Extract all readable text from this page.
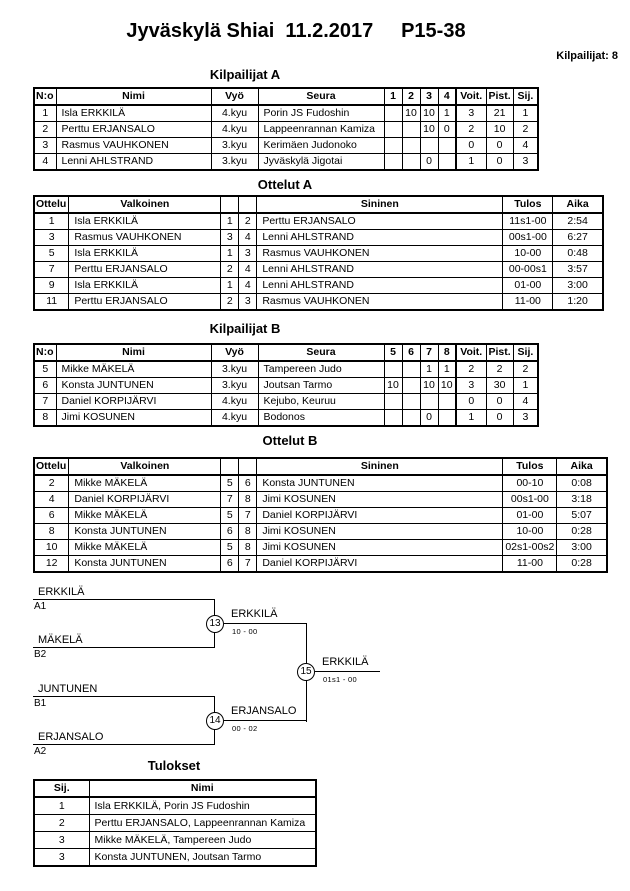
Jyväskylä Shiai  11.2.2017     P15-38
Kilpailijat: 8
Kilpailijat A
N:o	Nimi	Vyö	Seura	1	2	3	4	Voit.	Pist.	Sij.
1	Isla ERKKILÄ	4.kyu	Porin JS Fudoshin		10	10	1	3	21	1
2	Perttu ERJANSALO	4.kyu	Lappeenrannan Kamiza			10	0	2	10	2
3	Rasmus VAUHKONEN	3.kyu	Kerimäen Judonoko					0	0	4
4	Lenni AHLSTRAND	3.kyu	Jyväskylä Jigotai			0		1	0	3
Ottelut A
Ottelu	Valkoinen			Sininen	Tulos	Aika
1	Isla ERKKILÄ	1	2	Perttu ERJANSALO	11s1-00	2:54
3	Rasmus VAUHKONEN	3	4	Lenni AHLSTRAND	00s1-00	6:27
5	Isla ERKKILÄ	1	3	Rasmus VAUHKONEN	10-00	0:48
7	Perttu ERJANSALO	2	4	Lenni AHLSTRAND	00-00s1	3:57
9	Isla ERKKILÄ	1	4	Lenni AHLSTRAND	01-00	3:00
11	Perttu ERJANSALO	2	3	Rasmus VAUHKONEN	11-00	1:20
Kilpailijat B
N:o	Nimi	Vyö	Seura	5	6	7	8	Voit.	Pist.	Sij.
5	Mikke MÄKELÄ	3.kyu	Tampereen Judo			1	1	2	2	2
6	Konsta JUNTUNEN	3.kyu	Joutsan Tarmo	10		10	10	3	30	1
7	Daniel KORPIJÄRVI	4.kyu	Kejubo, Keuruu					0	0	4
8	Jimi KOSUNEN	4.kyu	Bodonos			0		1	0	3
Ottelut B
Ottelu	Valkoinen			Sininen	Tulos	Aika
2	Mikke MÄKELÄ	5	6	Konsta JUNTUNEN	00-10	0:08
4	Daniel KORPIJÄRVI	7	8	Jimi KOSUNEN	00s1-00	3:18
6	Mikke MÄKELÄ	5	7	Daniel KORPIJÄRVI	01-00	5:07
8	Konsta JUNTUNEN	6	8	Jimi KOSUNEN	10-00	0:28
10	Mikke MÄKELÄ	5	8	Jimi KOSUNEN	02s1-00s2	3:00
12	Konsta JUNTUNEN	6	7	Daniel KORPIJÄRVI	11-00	0:28
ERKKILÄ
A1
MÄKELÄ
B2
JUNTUNEN
B1
ERJANSALO
A2
13
ERKKILÄ
10 - 00
14
ERJANSALO
00 - 02
15
ERKKILÄ
01s1 - 00
Tulokset
Sij.	Nimi
1	Isla ERKKILÄ, Porin JS Fudoshin
2	Perttu ERJANSALO, Lappeenrannan Kamiza
3	Mikke MÄKELÄ, Tampereen Judo
3	Konsta JUNTUNEN, Joutsan Tarmo
